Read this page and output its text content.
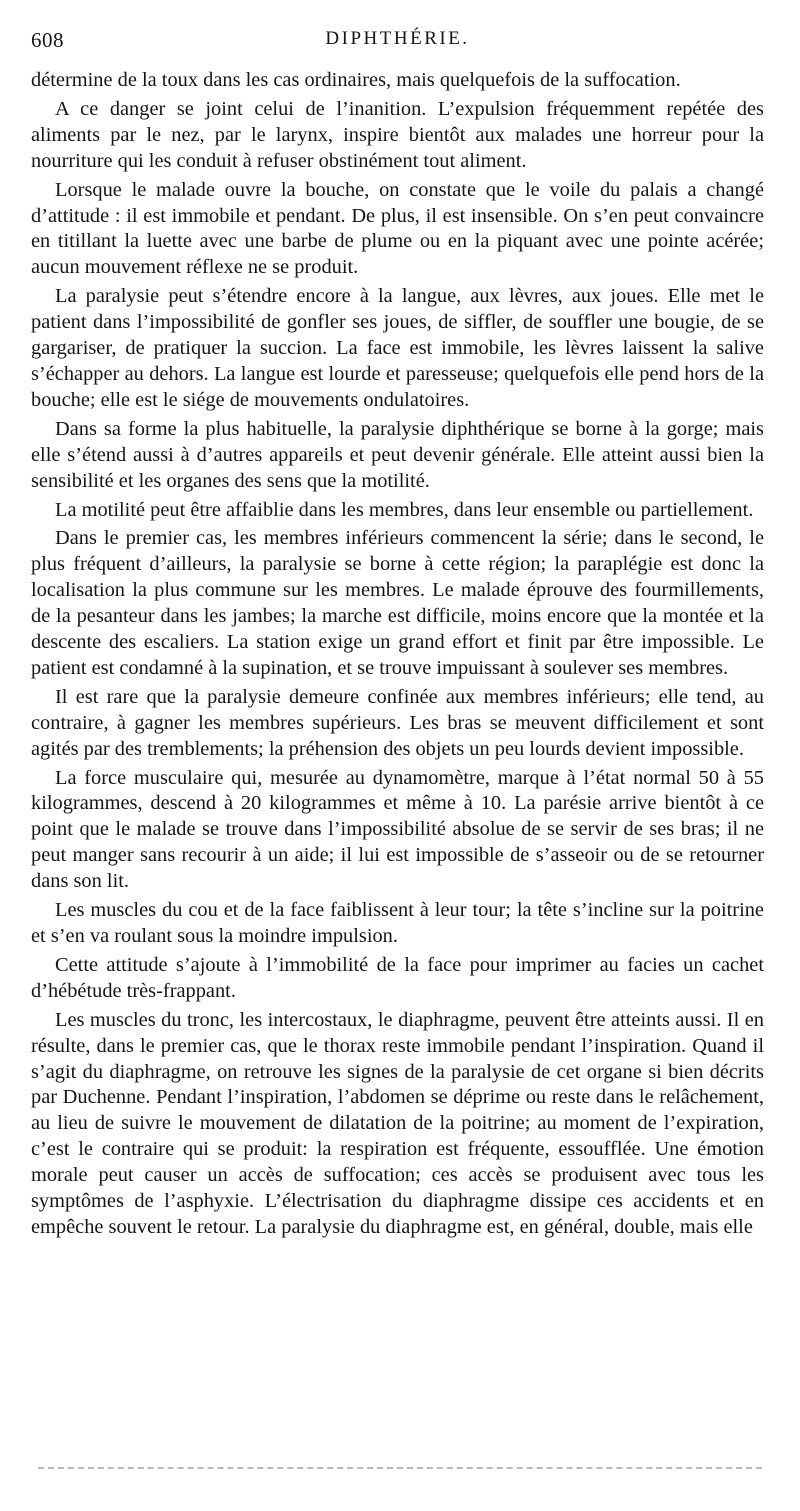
608	DIPHTHÉRIE.

détermine de la toux dans les cas ordinaires, mais quelquefois de la suffocation.

A ce danger se joint celui de l’inanition. L’expulsion fréquemment repétée des aliments par le nez, par le larynx, inspire bientôt aux malades une horreur pour la nourriture qui les conduit à refuser obstinément tout aliment.

Lorsque le malade ouvre la bouche, on constate que le voile du palais a changé d’attitude : il est immobile et pendant. De plus, il est insensible. On s’en peut convaincre en titillant la luette avec une barbe de plume ou en la piquant avec une pointe acérée; aucun mouvement réflexe ne se produit.

La paralysie peut s’étendre encore à la langue, aux lèvres, aux joues. Elle met le patient dans l’impossibilité de gonfler ses joues, de siffler, de souffler une bougie, de se gargariser, de pratiquer la succion. La face est immobile, les lèvres laissent la salive s’échapper au dehors. La langue est lourde et paresseuse; quelquefois elle pend hors de la bouche; elle est le siége de mouvements ondulatoires.

Dans sa forme la plus habituelle, la paralysie diphthérique se borne à la gorge; mais elle s’étend aussi à d’autres appareils et peut devenir générale. Elle atteint aussi bien la sensibilité et les organes des sens que la motilité.

La motilité peut être affaiblie dans les membres, dans leur ensemble ou partiellement.

Dans le premier cas, les membres inférieurs commencent la série; dans le second, le plus fréquent d’ailleurs, la paralysie se borne à cette région; la paraplégie est donc la localisation la plus commune sur les membres. Le malade éprouve des fourmillements, de la pesanteur dans les jambes; la marche est difficile, moins encore que la montée et la descente des escaliers. La station exige un grand effort et finit par être impossible. Le patient est condamné à la supination, et se trouve impuissant à soulever ses membres.

Il est rare que la paralysie demeure confinée aux membres inférieurs; elle tend, au contraire, à gagner les membres supérieurs. Les bras se meuvent difficilement et sont agités par des tremblements; la préhension des objets un peu lourds devient impossible.

La force musculaire qui, mesurée au dynamomètre, marque à l’état normal 50 à 55 kilogrammes, descend à 20 kilogrammes et même à 10. La parésie arrive bientôt à ce point que le malade se trouve dans l’impossibilité absolue de se servir de ses bras; il ne peut manger sans recourir à un aide; il lui est impossible de s’asseoir ou de se retourner dans son lit.

Les muscles du cou et de la face faiblissent à leur tour; la tête s’incline sur la poitrine et s’en va roulant sous la moindre impulsion.

Cette attitude s’ajoute à l’immobilité de la face pour imprimer au facies un cachet d’hébétude très-frappant.

Les muscles du tronc, les intercostaux, le diaphragme, peuvent être atteints aussi. Il en résulte, dans le premier cas, que le thorax reste immobile pendant l’inspiration. Quand il s’agit du diaphragme, on retrouve les signes de la paralysie de cet organe si bien décrits par Duchenne. Pendant l’inspiration, l’abdomen se déprime ou reste dans le relâchement, au lieu de suivre le mouvement de dilatation de la poitrine; au moment de l’expiration, c’est le contraire qui se produit: la respiration est fréquente, essoufflée. Une émotion morale peut causer un accès de suffocation; ces accès se produisent avec tous les symptômes de l’asphyxie. L’électrisation du diaphragme dissipe ces accidents et en empêche souvent le retour. La paralysie du diaphragme est, en général, double, mais elle
